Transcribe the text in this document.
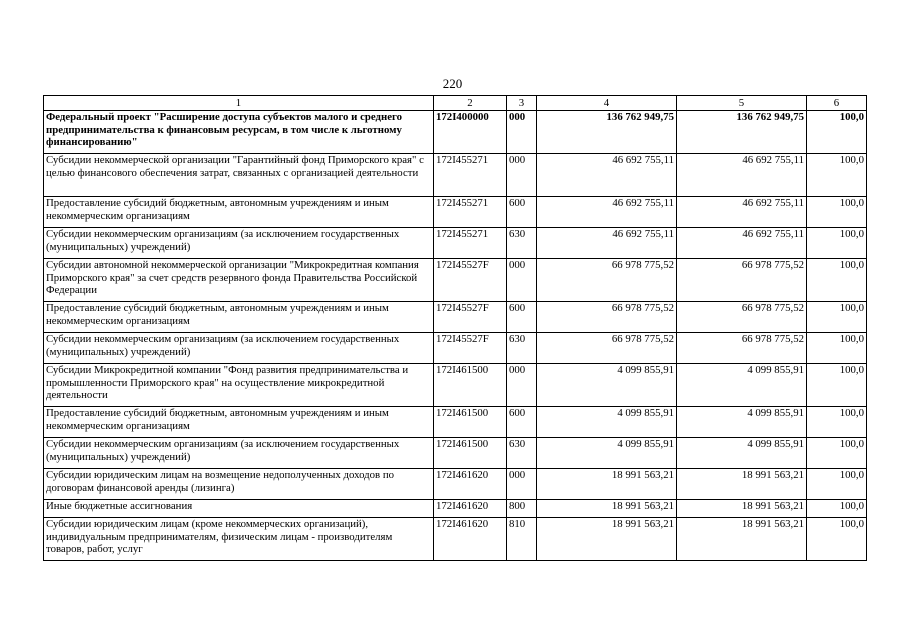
220
1	2	3	4	5	6
Федеральный проект "Расширение доступа субъектов малого и среднего предпринимательства к финансовым ресурсам, в том числе к льготному финансированию"	172I400000	000	136 762 949,75	136 762 949,75	100,0
Субсидии некоммерческой организации "Гарантийный фонд Приморского края" с целью финансового обеспечения затрат, связанных с организацией деятельности	172I455271	000	46 692 755,11	46 692 755,11	100,0
Предоставление субсидий бюджетным, автономным учреждениям и иным некоммерческим организациям	172I455271	600	46 692 755,11	46 692 755,11	100,0
Субсидии некоммерческим организациям (за исключением государственных (муниципальных) учреждений)	172I455271	630	46 692 755,11	46 692 755,11	100,0
Субсидии автономной некоммерческой организации "Микрокредитная компания Приморского края" за счет средств резервного фонда Правительства Российской Федерации	172I45527F	000	66 978 775,52	66 978 775,52	100,0
Предоставление субсидий бюджетным, автономным учреждениям и иным некоммерческим организациям	172I45527F	600	66 978 775,52	66 978 775,52	100,0
Субсидии некоммерческим организациям (за исключением государственных (муниципальных) учреждений)	172I45527F	630	66 978 775,52	66 978 775,52	100,0
Субсидии Микрокредитной компании "Фонд развития предпринимательства и промышленности Приморского края" на осуществление микрокредитной деятельности	172I461500	000	4 099 855,91	4 099 855,91	100,0
Предоставление субсидий бюджетным, автономным учреждениям и иным некоммерческим организациям	172I461500	600	4 099 855,91	4 099 855,91	100,0
Субсидии некоммерческим организациям (за исключением государственных (муниципальных) учреждений)	172I461500	630	4 099 855,91	4 099 855,91	100,0
Субсидии юридическим лицам на возмещение недополученных доходов по договорам финансовой аренды (лизинга)	172I461620	000	18 991 563,21	18 991 563,21	100,0
Иные бюджетные ассигнования	172I461620	800	18 991 563,21	18 991 563,21	100,0
Субсидии юридическим лицам (кроме некоммерческих организаций), индивидуальным предпринимателям, физическим лицам - производителям товаров, работ, услуг	172I461620	810	18 991 563,21	18 991 563,21	100,0
